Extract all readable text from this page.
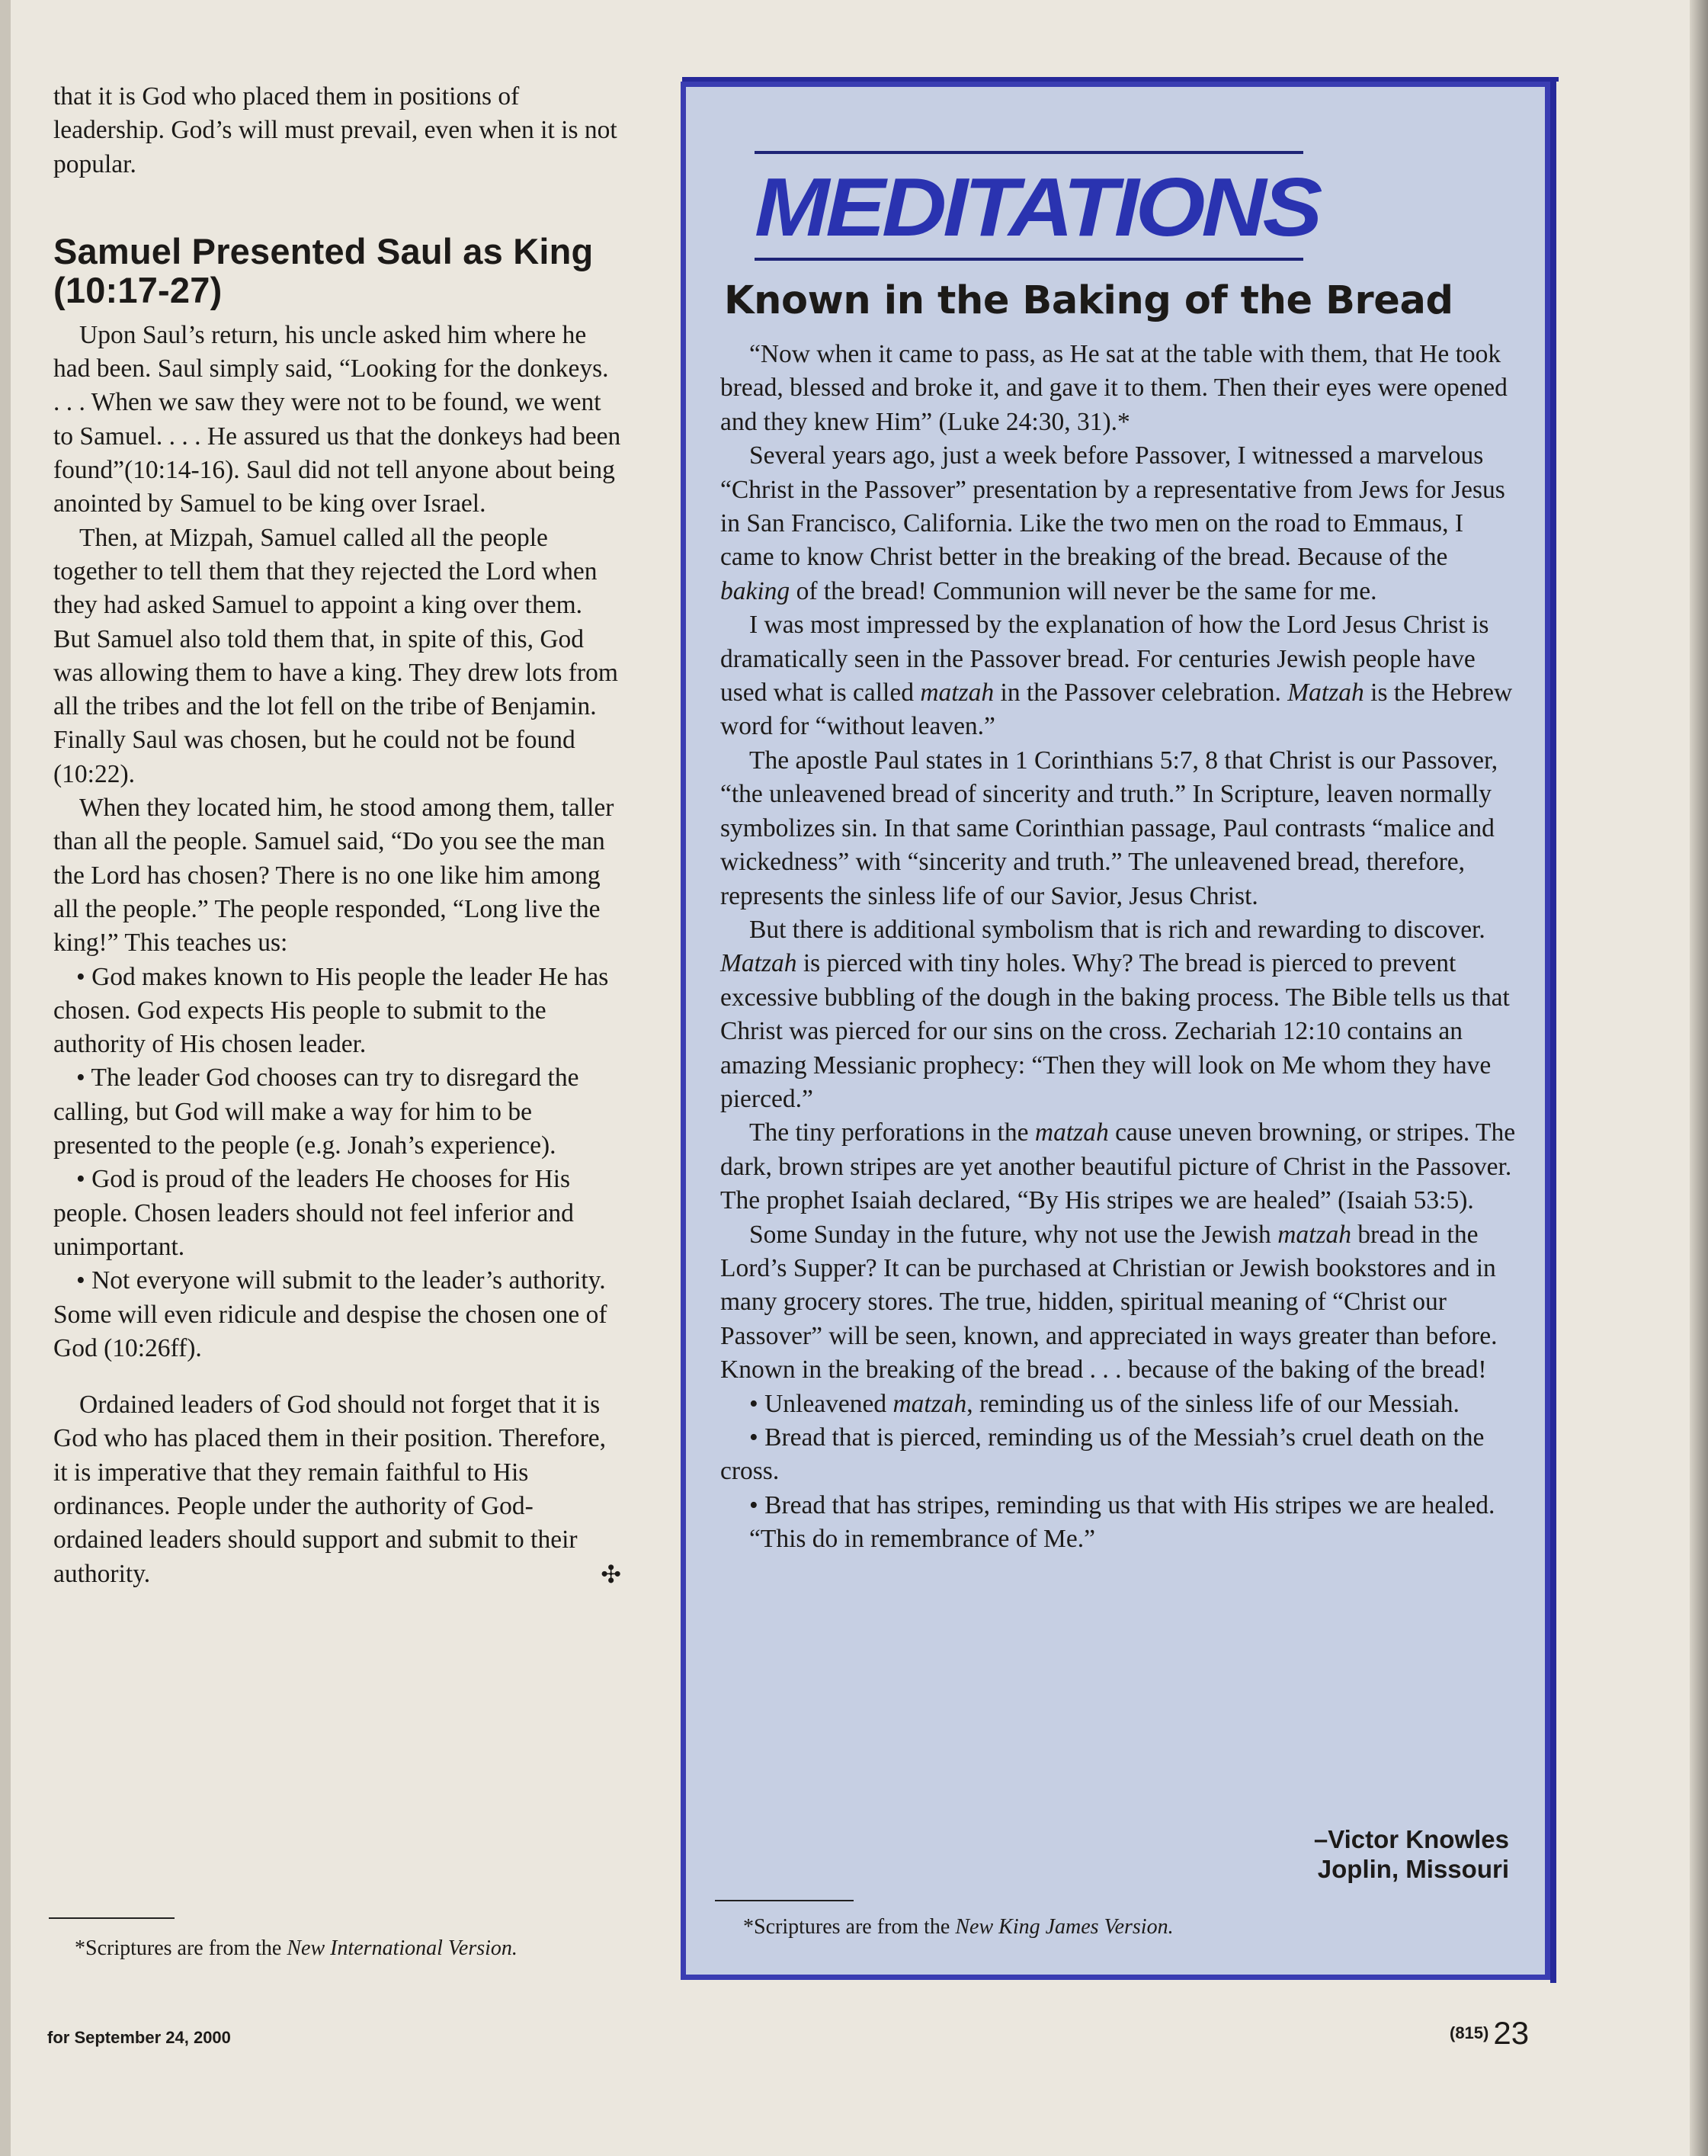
that it is God who placed them in positions of leadership. God’s will must prevail, even when it is not popular.

Samuel Presented Saul as King (10:17-27)

Upon Saul’s return, his uncle asked him where he had been. Saul simply said, “Looking for the donkeys. . . . When we saw they were not to be found, we went to Samuel. . . . He assured us that the donkeys had been found”(10:14-16). Saul did not tell anyone about being anointed by Samuel to be king over Israel.

Then, at Mizpah, Samuel called all the people together to tell them that they rejected the Lord when they had asked Samuel to appoint a king over them. But Samuel also told them that, in spite of this, God was allowing them to have a king. They drew lots from all the tribes and the lot fell on the tribe of Benjamin. Finally Saul was chosen, but he could not be found (10:22).

When they located him, he stood among them, taller than all the people. Samuel said, “Do you see the man the Lord has chosen? There is no one like him among all the people.” The people responded, “Long live the king!” This teaches us:

• God makes known to His people the leader He has chosen. God expects His people to submit to the authority of His chosen leader.

• The leader God chooses can try to disregard the calling, but God will make a way for him to be presented to the people (e.g. Jonah’s experience).

• God is proud of the leaders He chooses for His people. Chosen leaders should not feel inferior and unimportant.

• Not everyone will submit to the leader’s authority. Some will even ridicule and despise the chosen one of God (10:26ff).

Ordained leaders of God should not forget that it is God who has placed them in their position. Therefore, it is imperative that they remain faithful to His ordinances. People under the authority of God-ordained leaders should support and submit to their authority.	✣

*Scriptures are from the New International Version.
MEDITATIONS
Known in the Baking of the Bread

“Now when it came to pass, as He sat at the table with them, that He took bread, blessed and broke it, and gave it to them. Then their eyes were opened and they knew Him” (Luke 24:30, 31).*

Several years ago, just a week before Passover, I witnessed a marvelous “Christ in the Passover” presentation by a representative from Jews for Jesus in San Francisco, California. Like the two men on the road to Emmaus, I came to know Christ better in the breaking of the bread. Because of the baking of the bread! Communion will never be the same for me.

I was most impressed by the explanation of how the Lord Jesus Christ is dramatically seen in the Passover bread. For centuries Jewish people have used what is called matzah in the Passover celebration. Matzah is the Hebrew word for “without leaven.”

The apostle Paul states in 1 Corinthians 5:7, 8 that Christ is our Passover, “the unleavened bread of sincerity and truth.” In Scripture, leaven normally symbolizes sin. In that same Corinthian passage, Paul contrasts “malice and wickedness” with “sincerity and truth.” The unleavened bread, therefore, represents the sinless life of our Savior, Jesus Christ.

But there is additional symbolism that is rich and rewarding to discover. Matzah is pierced with tiny holes. Why? The bread is pierced to prevent excessive bubbling of the dough in the baking process. The Bible tells us that Christ was pierced for our sins on the cross. Zechariah 12:10 contains an amazing Messianic prophecy: “Then they will look on Me whom they have pierced.”

The tiny perforations in the matzah cause uneven browning, or stripes. The dark, brown stripes are yet another beautiful picture of Christ in the Passover. The prophet Isaiah declared, “By His stripes we are healed” (Isaiah 53:5).

Some Sunday in the future, why not use the Jewish matzah bread in the Lord’s Supper? It can be purchased at Christian or Jewish bookstores and in many grocery stores. The true, hidden, spiritual meaning of “Christ our Passover” will be seen, known, and appreciated in ways greater than before. Known in the breaking of the bread . . . because of the baking of the bread!

• Unleavened matzah, reminding us of the sinless life of our Messiah.

• Bread that is pierced, reminding us of the Messiah’s cruel death on the cross.

• Bread that has stripes, reminding us that with His stripes we are healed.

“This do in remembrance of Me.”

–Victor Knowles
Joplin, Missouri
*Scriptures are from the New King James Version.
for September 24, 2000	(815) 23
